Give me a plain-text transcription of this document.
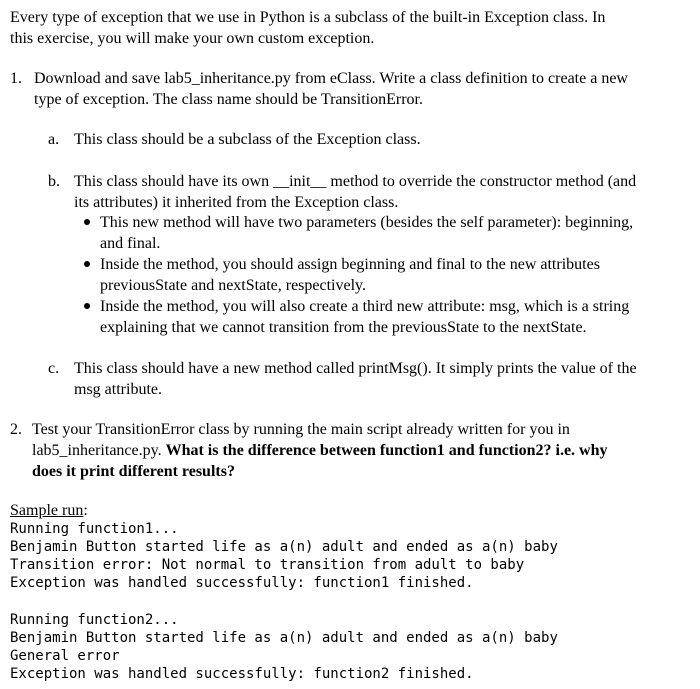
Every type of exception that we use in Python is a subclass of the built-in Exception class. In
this exercise, you will make your own custom exception.
1. Download and save lab5_inheritance.py from eClass. Write a class definition to create a new
type of exception. The class name should be TransitionError.
a. This class should be a subclass of the Exception class.
b. This class should have its own __init__ method to override the constructor method (and
its attributes) it inherited from the Exception class.
This new method will have two parameters (besides the self parameter): beginning,
and final.
Inside the method, you should assign beginning and final to the new attributes
previousState and nextState, respectively.
Inside the method, you will also create a third new attribute: msg, which is a string
explaining that we cannot transition from the previousState to the nextState.
c. This class should have a new method called printMsg(). It simply prints the value of the
msg attribute.
2. Test your TransitionError class by running the main script already written for you in
lab5_inheritance.py. What is the difference between function1 and function2? i.e. why
does it print different results?
Sample run:
Running function1...
Benjamin Button started life as a(n) adult and ended as a(n) baby
Transition error: Not normal to transition from adult to baby
Exception was handled successfully: function1 finished.
Running function2...
Benjamin Button started life as a(n) adult and ended as a(n) baby
General error
Exception was handled successfully: function2 finished.
